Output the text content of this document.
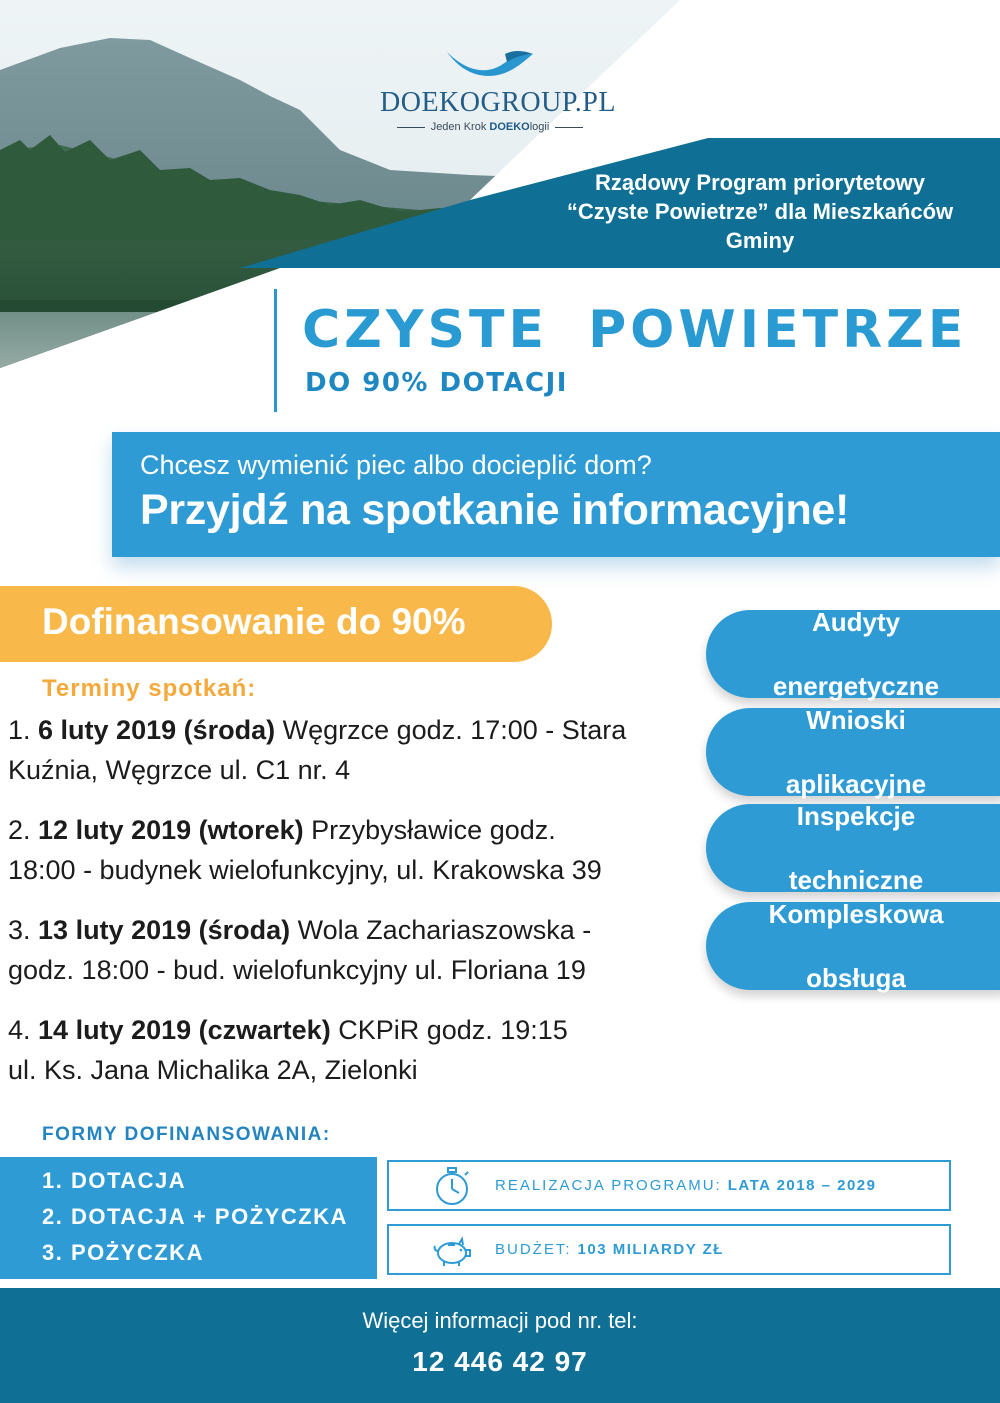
DOEKOGROUP.PL
Jeden Krok DOEKOlogii
Rządowy Program priorytetowy
“Czyste Powietrze” dla Mieszkańców
Gminy
CZYSTE POWIETRZE
DO 90% DOTACJI
Chcesz wymienić piec albo docieplić dom?
Przyjdź na spotkanie informacyjne!
Dofinansowanie do 90%
Terminy spotkań:
1. 6 luty 2019 (środa) Węgrzce godz. 17:00 - Stara
Kuźnia, Węgrzce ul. C1 nr. 4
2. 12 luty 2019 (wtorek) Przybysławice godz.
18:00 - budynek wielofunkcyjny, ul. Krakowska 39
3. 13 luty 2019 (środa) Wola Zachariaszowska -
godz. 18:00 - bud. wielofunkcyjny ul. Floriana 19
4. 14 luty 2019 (czwartek) CKPiR godz. 19:15
ul. Ks. Jana Michalika 2A, Zielonki
Audyty

energetyczne
Wnioski

aplikacyjne
Inspekcje

techniczne
Kompleskowa

obsługa
FORMY DOFINANSOWANIA:
1. DOTACJA
2. DOTACJA + POŻYCZKA
3. POŻYCZKA
REALIZACJA PROGRAMU: LATA 2018 – 2029
BUDŻET: 103 MILIARDY ZŁ
Więcej informacji pod nr. tel:
12 446 42 97
